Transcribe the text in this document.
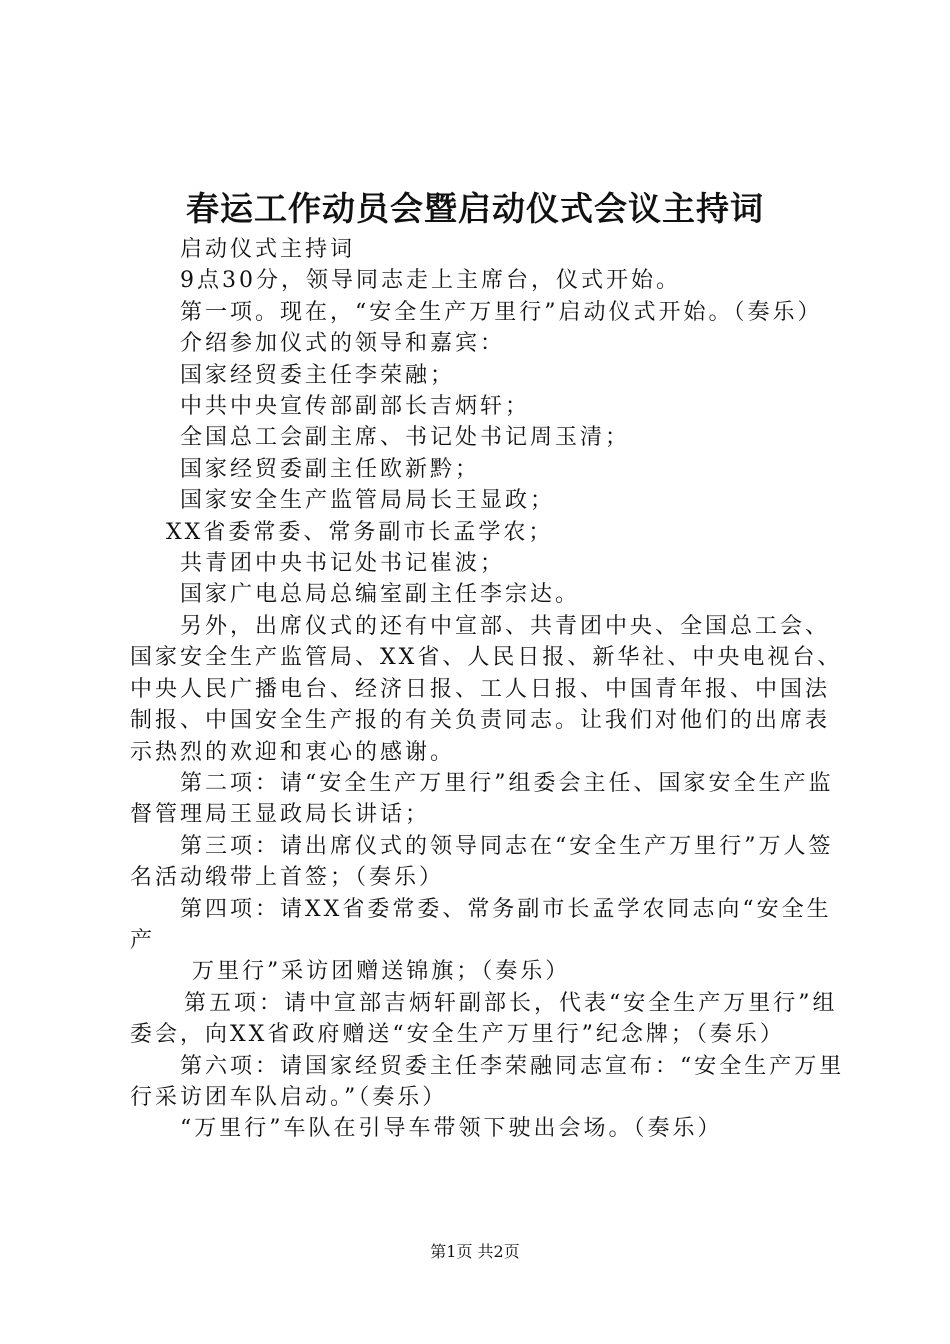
春运工作动员会暨启动仪式会议主持词

启动仪式主持词

9点30分，领导同志走上主席台，仪式开始。

第一项。现在，“安全生产万里行”启动仪式开始。（奏乐）

介绍参加仪式的领导和嘉宾：

国家经贸委主任李荣融；

中共中央宣传部副部长吉炳轩；

全国总工会副主席、书记处书记周玉清；

国家经贸委副主任欧新黔；

国家安全生产监管局局长王显政；

XX省委常委、常务副市长孟学农；

共青团中央书记处书记崔波；

国家广电总局总编室副主任李宗达。

另外，出席仪式的还有中宣部、共青团中央、全国总工会、国家安全生产监管局、XX省、人民日报、新华社、中央电视台、中央人民广播电台、经济日报、工人日报、中国青年报、中国法制报、中国安全生产报的有关负责同志。让我们对他们的出席表示热烈的欢迎和衷心的感谢。

第二项：请“安全生产万里行”组委会主任、国家安全生产监督管理局王显政局长讲话；

第三项：请出席仪式的领导同志在“安全生产万里行”万人签名活动缎带上首签；（奏乐）

第四项：请XX省委常委、常务副市长孟学农同志向“安全生产

万里行”采访团赠送锦旗；（奏乐）

第五项：请中宣部吉炳轩副部长，代表“安全生产万里行”组委会，向XX省政府赠送“安全生产万里行”纪念牌；（奏乐）

第六项：请国家经贸委主任李荣融同志宣布：“安全生产万里行采访团车队启动。”（奏乐）

“万里行”车队在引导车带领下驶出会场。（奏乐）

第1页 共2页
